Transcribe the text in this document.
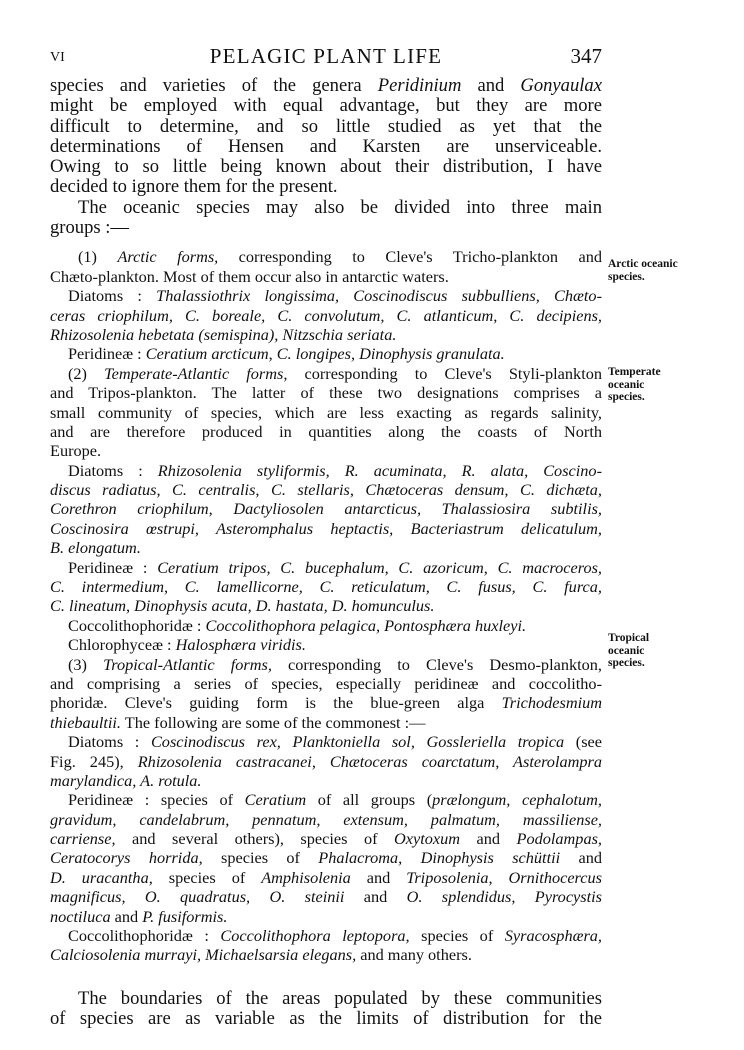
VI	PELAGIC PLANT LIFE	347
species and varieties of the genera Peridinium and Gonyaulax
might be employed with equal advantage, but they are more
difficult to determine, and so little studied as yet that the
determinations of Hensen and Karsten are unserviceable.
Owing to so little being known about their distribution, I have
decided to ignore them for the present.
The oceanic species may also be divided into three main
groups :—
(1) Arctic forms, corresponding to Cleve's Tricho-plankton and
Chæto-plankton. Most of them occur also in antarctic waters.
Diatoms : Thalassiothrix longissima, Coscinodiscus subbulliens, Chæto-
ceras criophilum, C. boreale, C. convolutum, C. atlanticum, C. decipiens,
Rhizosolenia hebetata (semispina), Nitzschia seriata.
Peridineæ : Ceratium arcticum, C. longipes, Dinophysis granulata.
(2) Temperate-Atlantic forms, corresponding to Cleve's Styli-plankton
and Tripos-plankton. The latter of these two designations comprises a
small community of species, which are less exacting as regards salinity,
and are therefore produced in quantities along the coasts of North
Europe.
Diatoms : Rhizosolenia styliformis, R. acuminata, R. alata, Coscino-
discus radiatus, C. centralis, C. stellaris, Chætoceras densum, C. dichæta,
Corethron criophilum, Dactyliosolen antarcticus, Thalassiosira subtilis,
Coscinosira œstrupi, Asteromphalus heptactis, Bacteriastrum delicatulum,
B. elongatum.
Peridineæ : Ceratium tripos, C. bucephalum, C. azoricum, C. macroceros,
C. intermedium, C. lamellicorne, C. reticulatum, C. fusus, C. furca,
C. lineatum, Dinophysis acuta, D. hastata, D. homunculus.
Coccolithophoridæ : Coccolithophora pelagica, Pontosphæra huxleyi.
Chlorophyceæ : Halosphæra viridis.
(3) Tropical-Atlantic forms, corresponding to Cleve's Desmo-plankton,
and comprising a series of species, especially peridineæ and coccolitho-
phoridæ. Cleve's guiding form is the blue-green alga Trichodesmium
thiebaultii. The following are some of the commonest :—
Diatoms : Coscinodiscus rex, Planktoniella sol, Gossleriella tropica (see
Fig. 245), Rhizosolenia castracanei, Chætoceras coarctatum, Asterolampra
marylandica, A. rotula.
Peridineæ : species of Ceratium of all groups (prælongum, cephalotum,
gravidum, candelabrum, pennatum, extensum, palmatum, massiliense,
carriense, and several others), species of Oxytoxum and Podolampas,
Ceratocorys horrida, species of Phalacroma, Dinophysis schüttii and
D. uracantha, species of Amphisolenia and Triposolenia, Ornithocercus
magnificus, O. quadratus, O. steinii and O. splendidus, Pyrocystis
noctiluca and P. fusiformis.
Coccolithophoridæ : Coccolithophora leptopora, species of Syracosphæra,
Calciosolenia murrayi, Michaelsarsia elegans, and many others.
The boundaries of the areas populated by these communities
of species are as variable as the limits of distribution for the
Arctic oceanic
species.
Temperate
oceanic
species.
Tropical
oceanic
species.
